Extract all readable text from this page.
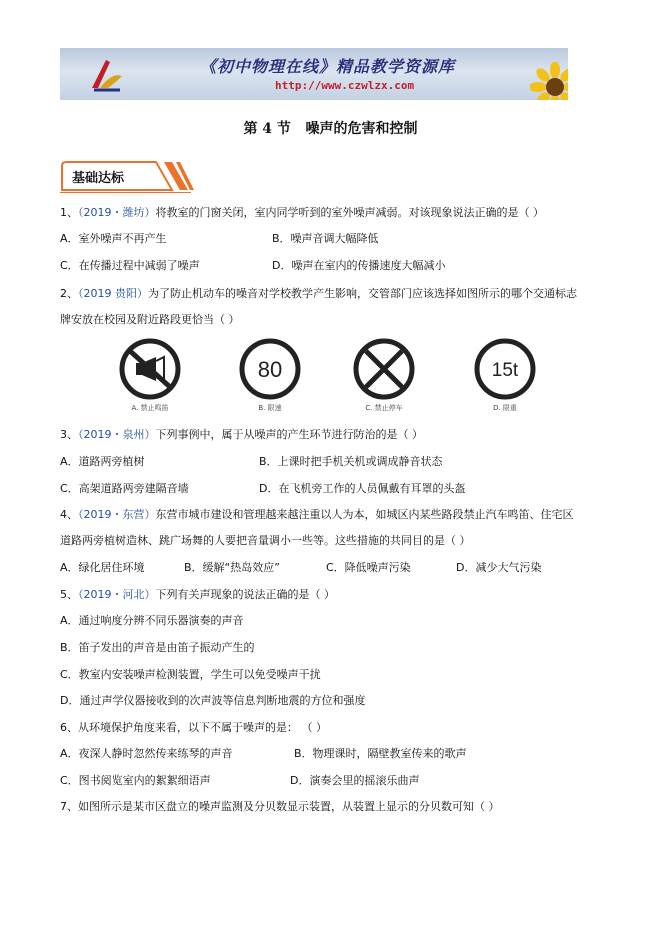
《初中物理在线》精品教学资源库
http://www.czwlzx.com
第 4 节   噪声的危害和控制
基础达标
1、（2019・潍坊）将教室的门窗关闭，室内同学听到的室外噪声减弱。对该现象说法正确的是（ ）
A．室外噪声不再产生	B．噪声音调大幅降低
C．在传播过程中减弱了噪声	D．噪声在室内的传播速度大幅减小
2、（2019 贵阳）为了防止机动车的噪音对学校教学产生影响，交管部门应该选择如图所示的哪个交通标志
牌安放在校园及附近路段更恰当（ ）
A. 禁止鸣笛
80
B. 限速	C. 禁止停车
15t
D. 限重
3、（2019・泉州）下列事例中，属于从噪声的产生环节进行防治的是（ ）
A．道路两旁植树	B．上课时把手机关机或调成静音状态
C．高架道路两旁建隔音墙	D．在飞机旁工作的人员佩戴有耳罩的头盔
4、（2019・东营）东营市城市建设和管理越来越注重以人为本，如城区内某些路段禁止汽车鸣笛、住宅区
道路两旁植树造林、跳广场舞的人要把音量调小一些等。这些措施的共同目的是（ ）
A．绿化居住环境	B．缓解“热岛效应”	C．降低噪声污染	D．减少大气污染
5、（2019・河北）下列有关声现象的说法正确的是（ ）
A．通过响度分辨不同乐器演奏的声音
B．笛子发出的声音是由笛子振动产生的
C．教室内安装噪声检测装置，学生可以免受噪声干扰
D．通过声学仪器接收到的次声波等信息判断地震的方位和强度
6、从环境保护角度来看，以下不属于噪声的是： （ ）
A．夜深人静时忽然传来练琴的声音	B．物理课时，隔壁教室传来的歌声
C．图书阅览室内的絮絮细语声	D．演奏会里的摇滚乐曲声
7、如图所示是某市区盘立的噪声监测及分贝数显示装置，从装置上显示的分贝数可知（ ）
